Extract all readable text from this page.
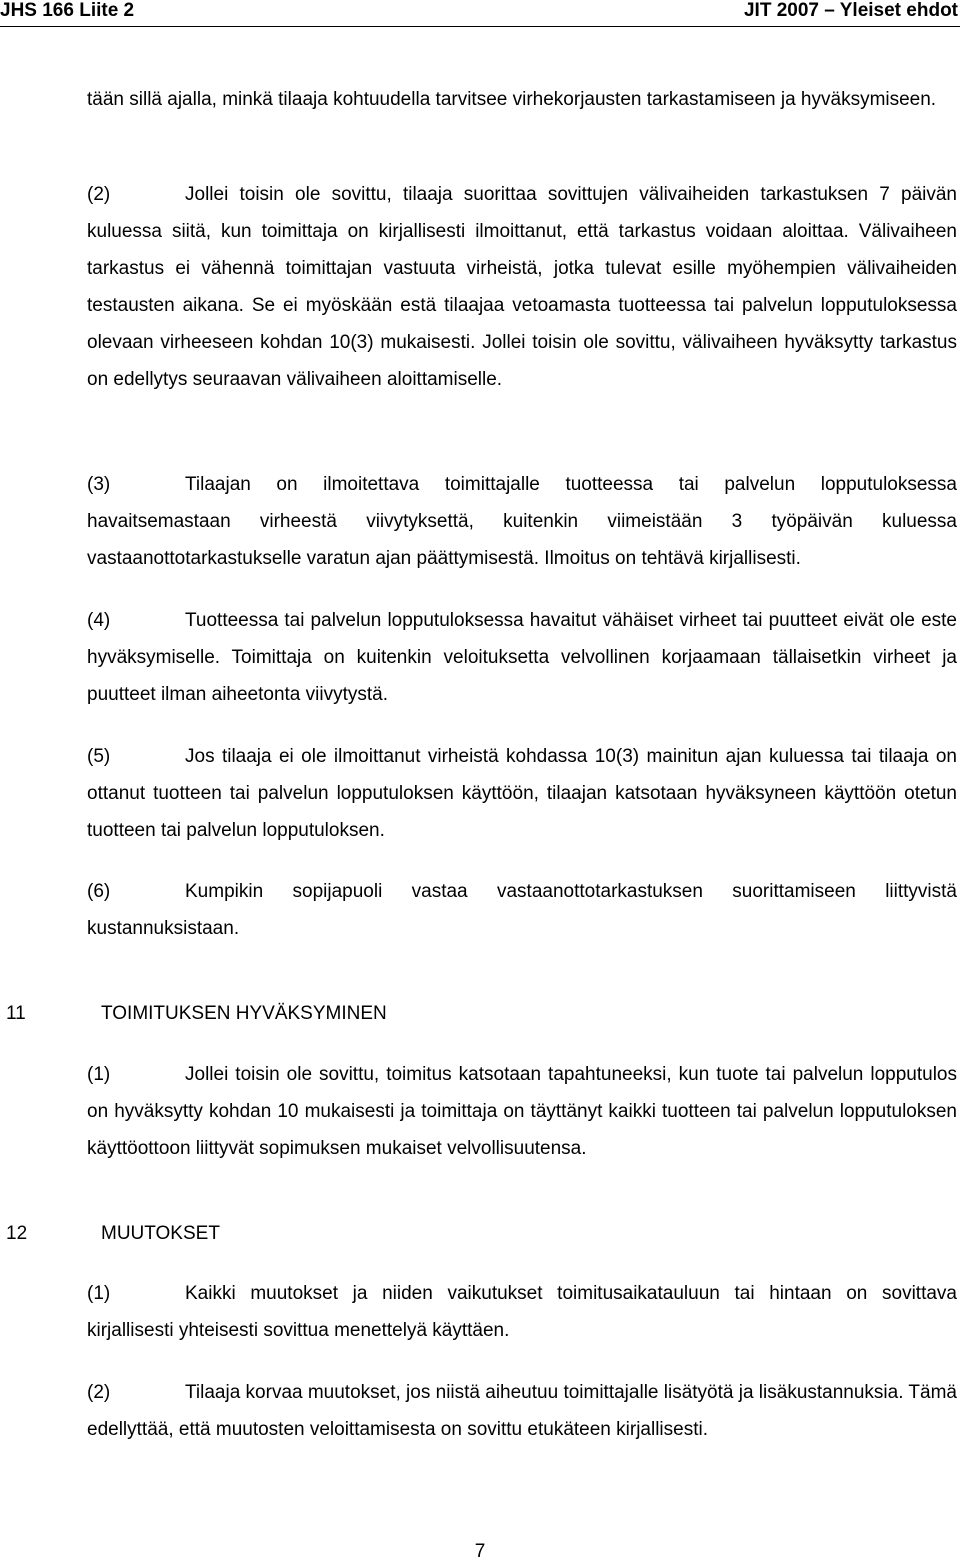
JHS 166 Liite 2	JIT 2007 – Yleiset ehdot

tään sillä ajalla, minkä tilaaja kohtuudella tarvitsee virhekorjausten tarkastamiseen ja hyväksymiseen.

(2)	Jollei toisin ole sovittu, tilaaja suorittaa sovittujen välivaiheiden tarkastuksen 7 päivän kuluessa siitä, kun toimittaja on kirjallisesti ilmoittanut, että tarkastus voidaan aloittaa. Välivaiheen tarkastus ei vähennä toimittajan vastuuta virheistä, jotka tulevat esille myöhempien välivaiheiden testausten aikana. Se ei myöskään estä tilaajaa vetoamasta tuotteessa tai palvelun lopputuloksessa olevaan virheeseen kohdan 10(3) mukaisesti. Jollei toisin ole sovittu, välivaiheen hyväksytty tarkastus on edellytys seuraavan välivaiheen aloittamiselle.

(3)	Tilaajan on ilmoitettava toimittajalle tuotteessa tai palvelun lopputuloksessa havaitsemastaan virheestä viivytyksettä, kuitenkin viimeistään 3 työpäivän kuluessa vastaanottotarkastukselle varatun ajan päättymisestä. Ilmoitus on tehtävä kirjallisesti.

(4)	Tuotteessa tai palvelun lopputuloksessa havaitut vähäiset virheet tai puutteet eivät ole este hyväksymiselle. Toimittaja on kuitenkin veloituksetta velvollinen korjaamaan tällaisetkin virheet ja puutteet ilman aiheetonta viivytystä.

(5)	Jos tilaaja ei ole ilmoittanut virheistä kohdassa 10(3) mainitun ajan kuluessa tai tilaaja on ottanut tuotteen tai palvelun lopputuloksen käyttöön, tilaajan katsotaan hyväksyneen käyttöön otetun tuotteen tai palvelun lopputuloksen.

(6)	Kumpikin sopijapuoli vastaa vastaanottotarkastuksen suorittamiseen liittyvistä kustannuksistaan.

11	TOIMITUKSEN HYVÄKSYMINEN

(1)	Jollei toisin ole sovittu, toimitus katsotaan tapahtuneeksi, kun tuote tai palvelun lopputulos on hyväksytty kohdan 10 mukaisesti ja toimittaja on täyttänyt kaikki tuotteen tai palvelun lopputuloksen käyttöottoon liittyvät sopimuksen mukaiset velvollisuutensa.

12	MUUTOKSET

(1)	Kaikki muutokset ja niiden vaikutukset toimitusaikatauluun tai hintaan on sovittava kirjallisesti yhteisesti sovittua menettelyä käyttäen.

(2)	Tilaaja korvaa muutokset, jos niistä aiheutuu toimittajalle lisätyötä ja lisäkustannuksia. Tämä edellyttää, että muutosten veloittamisesta on sovittu etukäteen kirjallisesti.

7
